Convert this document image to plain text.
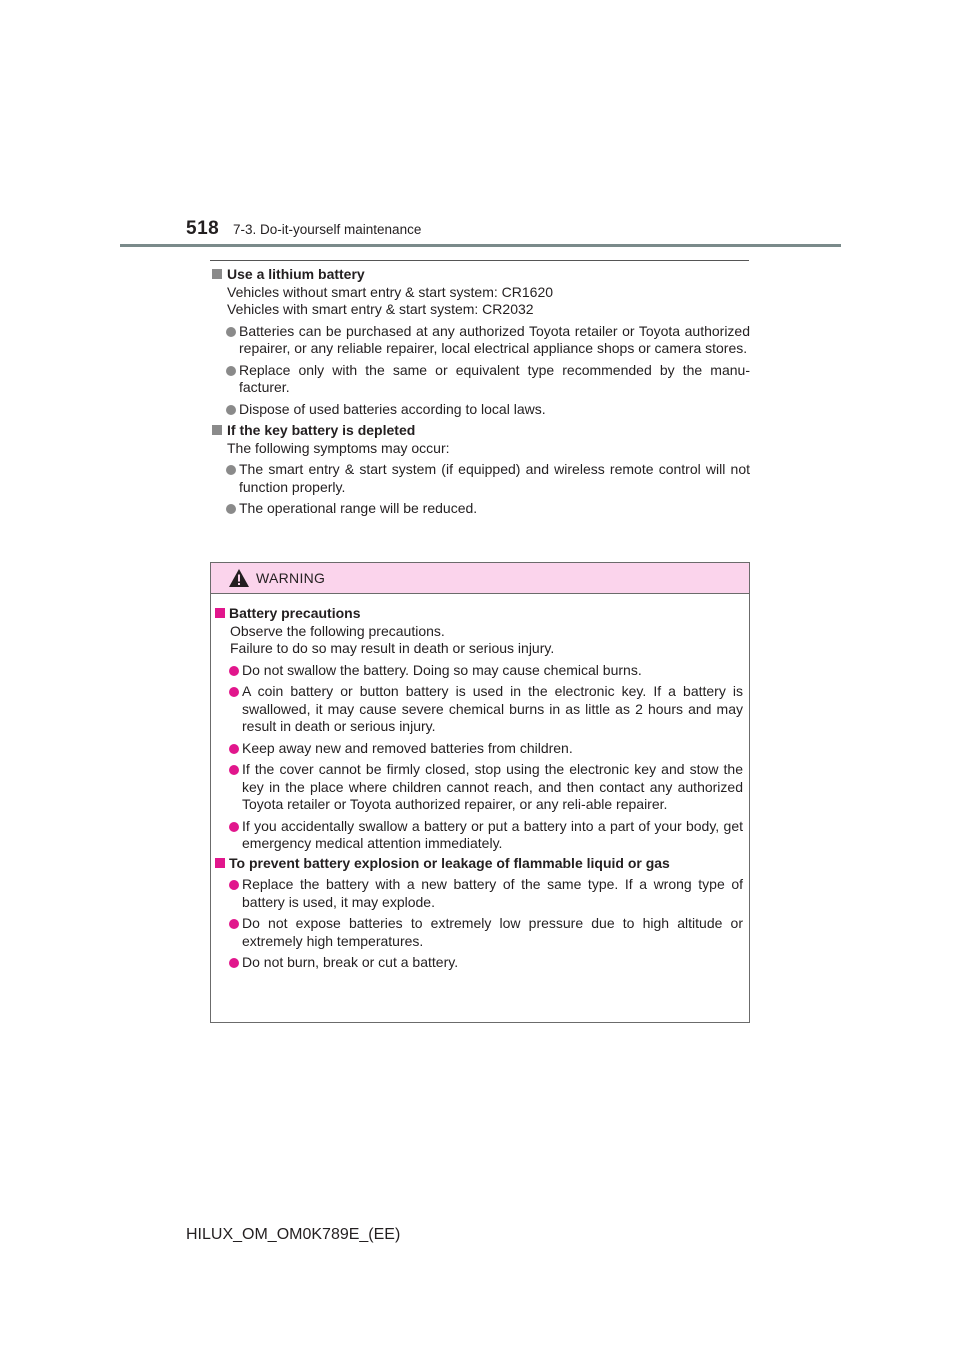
518 7-3. Do-it-yourself maintenance

Use a lithium battery

Vehicles without smart entry & start system: CR1620

Vehicles with smart entry & start system: CR2032

Batteries can be purchased at any authorized Toyota retailer or Toyota authorized repairer, or any reliable repairer, local electrical appliance shops or camera stores.

Replace only with the same or equivalent type recommended by the manu-facturer.

Dispose of used batteries according to local laws.

If the key battery is depleted

The following symptoms may occur:

The smart entry & start system (if equipped) and wireless remote control will not function properly.

The operational range will be reduced.

WARNING

Battery precautions

Observe the following precautions.

Failure to do so may result in death or serious injury.

Do not swallow the battery. Doing so may cause chemical burns.

A coin battery or button battery is used in the electronic key. If a battery is swallowed, it may cause severe chemical burns in as little as 2 hours and may result in death or serious injury.

Keep away new and removed batteries from children.

If the cover cannot be firmly closed, stop using the electronic key and stow the key in the place where children cannot reach, and then contact any authorized Toyota retailer or Toyota authorized repairer, or any reli-able repairer.

If you accidentally swallow a battery or put a battery into a part of your body, get emergency medical attention immediately.

To prevent battery explosion or leakage of flammable liquid or gas

Replace the battery with a new battery of the same type. If a wrong type of battery is used, it may explode.

Do not expose batteries to extremely low pressure due to high altitude or extremely high temperatures.

Do not burn, break or cut a battery.

HILUX_OM_OM0K789E_(EE)
